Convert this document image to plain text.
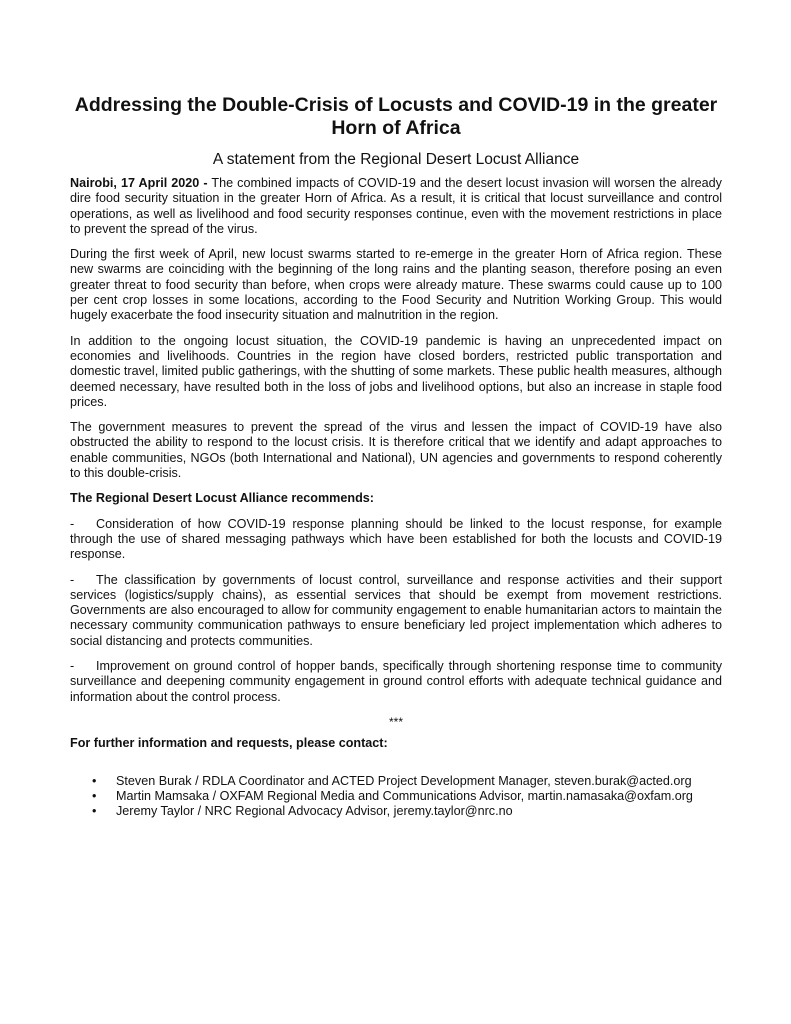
Addressing the Double-Crisis of Locusts and COVID-19 in the greater Horn of Africa
A statement from the Regional Desert Locust Alliance

Nairobi, 17 April 2020 - The combined impacts of COVID-19 and the desert locust invasion will worsen the already dire food security situation in the greater Horn of Africa. As a result, it is critical that locust surveillance and control operations, as well as livelihood and food security responses continue, even with the movement restrictions in place to prevent the spread of the virus.

During the first week of April, new locust swarms started to re-emerge in the greater Horn of Africa region. These new swarms are coinciding with the beginning of the long rains and the planting season, therefore posing an even greater threat to food security than before, when crops were already mature. These swarms could cause up to 100 per cent crop losses in some locations, according to the Food Security and Nutrition Working Group. This would hugely exacerbate the food insecurity situation and malnutrition in the region.

In addition to the ongoing locust situation, the COVID-19 pandemic is having an unprecedented impact on economies and livelihoods. Countries in the region have closed borders, restricted public transportation and domestic travel, limited public gatherings, with the shutting of some markets. These public health measures, although deemed necessary, have resulted both in the loss of jobs and livelihood options, but also an increase in staple food prices.

The government measures to prevent the spread of the virus and lessen the impact of COVID-19 have also obstructed the ability to respond to the locust crisis. It is therefore critical that we identify and adapt approaches to enable communities, NGOs (both International and National), UN agencies and governments to respond coherently to this double-crisis.

The Regional Desert Locust Alliance recommends:

- Consideration of how COVID-19 response planning should be linked to the locust response, for example through the use of shared messaging pathways which have been established for both the locusts and COVID-19 response.

- The classification by governments of locust control, surveillance and response activities and their support services (logistics/supply chains), as essential services that should be exempt from movement restrictions. Governments are also encouraged to allow for community engagement to enable humanitarian actors to maintain the necessary community communication pathways to ensure beneficiary led project implementation which adheres to social distancing and protects communities.

- Improvement on ground control of hopper bands, specifically through shortening response time to community surveillance and deepening community engagement in ground control efforts with adequate technical guidance and information about the control process.

***

For further information and requests, please contact:

• Steven Burak / RDLA Coordinator and ACTED Project Development Manager, steven.burak@acted.org
• Martin Mamsaka / OXFAM Regional Media and Communications Advisor, martin.namasaka@oxfam.org
• Jeremy Taylor / NRC Regional Advocacy Advisor, jeremy.taylor@nrc.no
